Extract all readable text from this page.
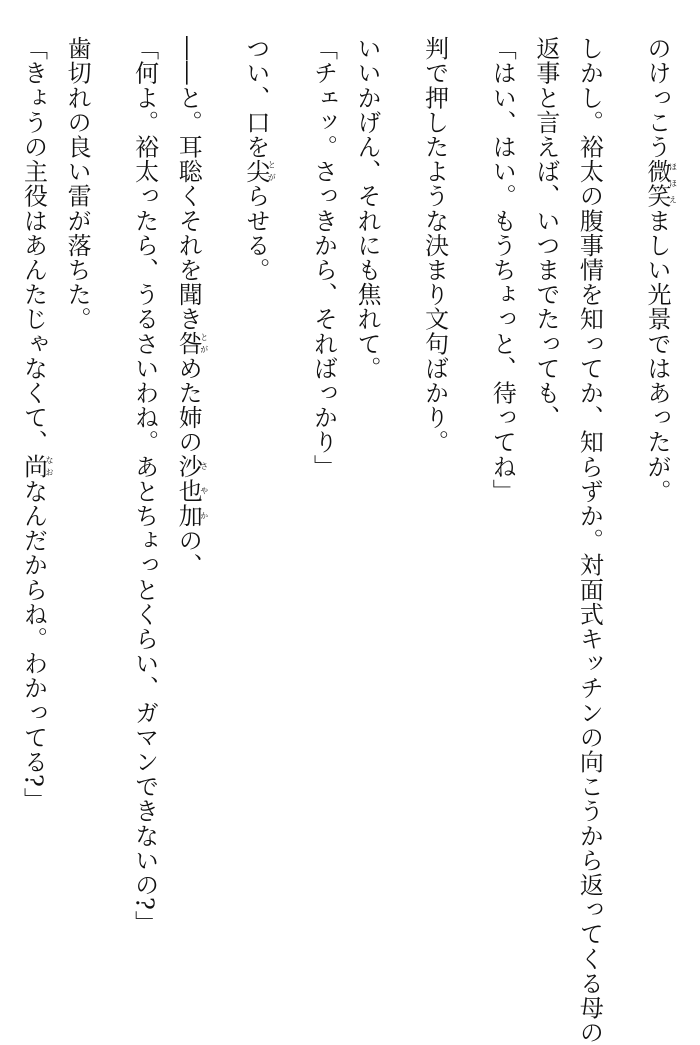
のけっこう微笑ほほえましい光景ではあったが。

しかし。裕太の腹事情を知ってか、知らずか。対面式キッチンの向こうから返ってくる母の

返事と言えば、いつまでたっても、

「はい、はい。もうちょっと、待ってね」

判で押したような決まり文句ばかり。

いいかげん、それにも焦れて。

「チェッ。さっきから、そればっかり」

つい、口を尖とがらせる。

――と。耳聡くそれを聞き咎とがめた姉の沙也加さやかの、

「何よ。裕太ったら、うるさいわね。あとちょっとくらい、ガマンできないの?」

歯切れの良い雷が落ちた。

「きょうの主役はあんたじゃなくて、尚なおなんだからね。わかってる?」
